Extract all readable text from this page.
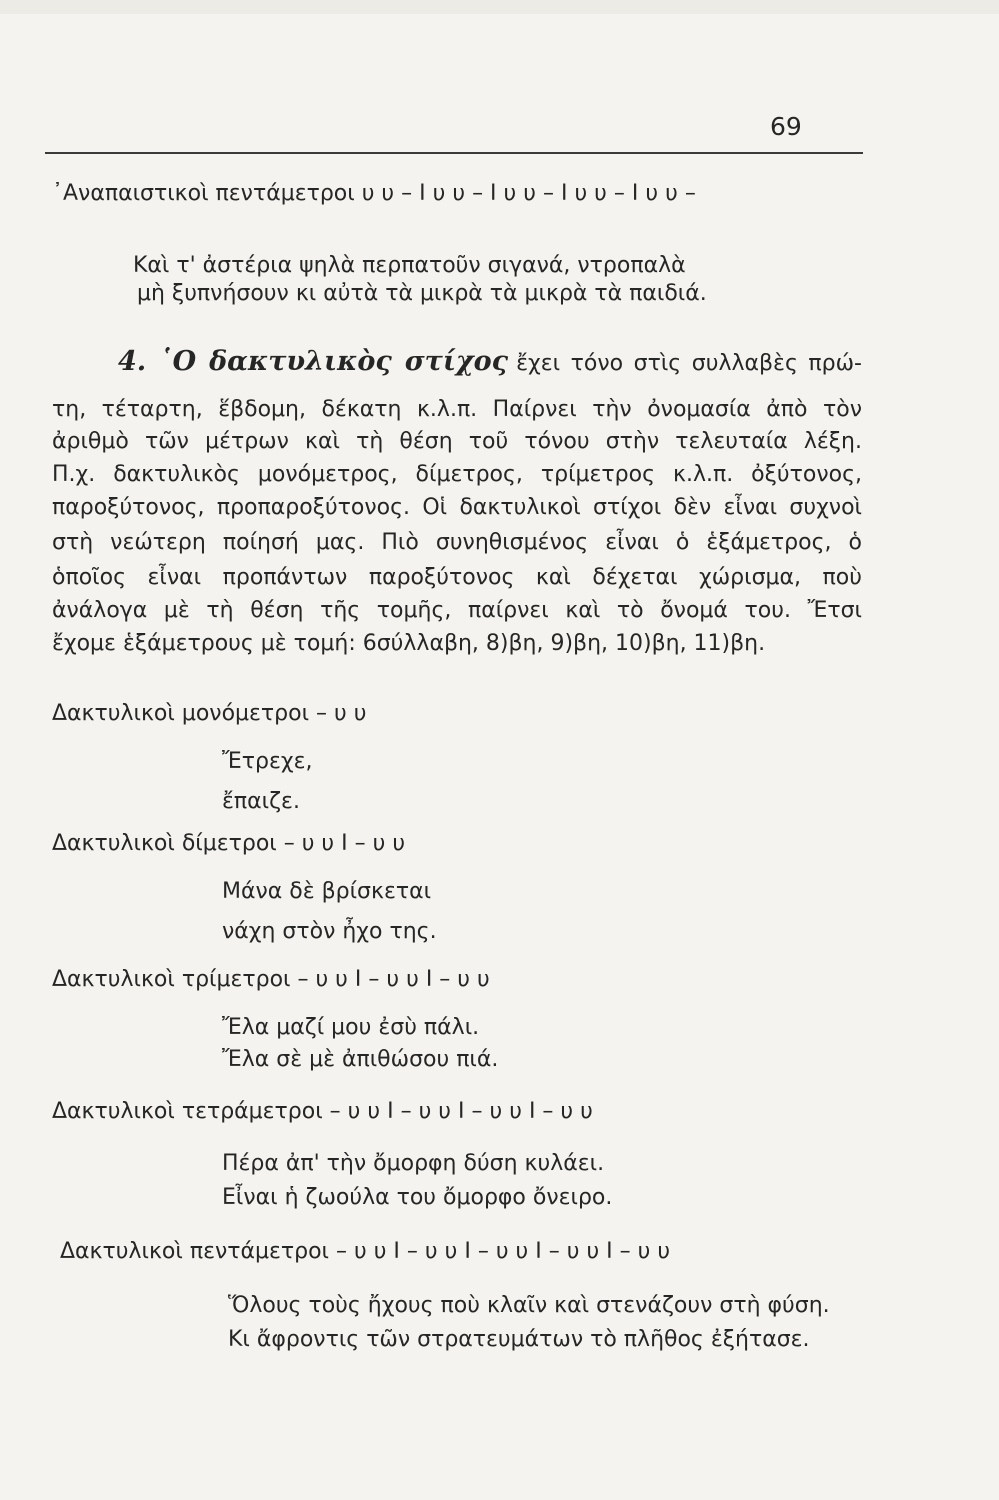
69
᾿Αναπαιστικοὶ πεντάμετροι υ υ – Ι υ υ – Ι υ υ – Ι υ υ – Ι υ υ –
Καὶ τ' ἀστέρια ψηλὰ περπατοῦν σιγανά, ντροπαλὰ
μὴ ξυπνήσουν κι αὐτὰ τὰ μικρὰ τὰ μικρὰ τὰ παιδιά.
4. ῾Ο δακτυλικὸς στίχος ἔχει τόνο στὶς συλλαβὲς πρώ-
τη, τέταρτη, ἕβδομη, δέκατη κ.λ.π. Παίρνει τὴν ὀνομασία ἀπὸ τὸν
ἀριθμὸ τῶν μέτρων καὶ τὴ θέση τοῦ τόνου στὴν τελευταία λέξη.
Π.χ. δακτυλικὸς μονόμετρος, δίμετρος, τρίμετρος κ.λ.π. ὀξύτονος,
παροξύτονος, προπαροξύτονος. Οἱ δακτυλικοὶ στίχοι δὲν εἶναι συχνοὶ
στὴ νεώτερη ποίησή μας. Πιὸ συνηθισμένος εἶναι ὁ ἑξάμετρος, ὁ
ὁποῖος εἶναι προπάντων παροξύτονος καὶ δέχεται χώρισμα, ποὺ
ἀνάλογα μὲ τὴ θέση τῆς τομῆς, παίρνει καὶ τὸ ὄνομά του. Ἔτσι
ἔχομε ἑξάμετρους μὲ τομή: 6σύλλαβη, 8)βη, 9)βη, 10)βη, 11)βη.
Δακτυλικοὶ μονόμετροι – υ υ
Ἔτρεχε,
ἔπαιζε.
Δακτυλικοὶ δίμετροι – υ υ Ι – υ υ
Μάνα δὲ βρίσκεται
νάχη στὸν ἦχο της.
Δακτυλικοὶ τρίμετροι – υ υ Ι – υ υ Ι – υ υ
Ἔλα μαζί μου ἐσὺ πάλι.
Ἔλα σὲ μὲ ἀπιθώσου πιά.
Δακτυλικοὶ τετράμετροι – υ υ Ι – υ υ Ι – υ υ Ι – υ υ
Πέρα ἀπ' τὴν ὄμορφη δύση κυλάει.
Εἶναι ἡ ζωούλα του ὄμορφο ὄνειρο.
Δακτυλικοὶ πεντάμετροι – υ υ Ι – υ υ Ι – υ υ Ι – υ υ Ι – υ υ
Ὅλους τοὺς ἤχους ποὺ κλαῖν καὶ στενάζουν στὴ φύση.
Κι ἄφροντις τῶν στρατευμάτων τὸ πλῆθος ἐξήτασε.
